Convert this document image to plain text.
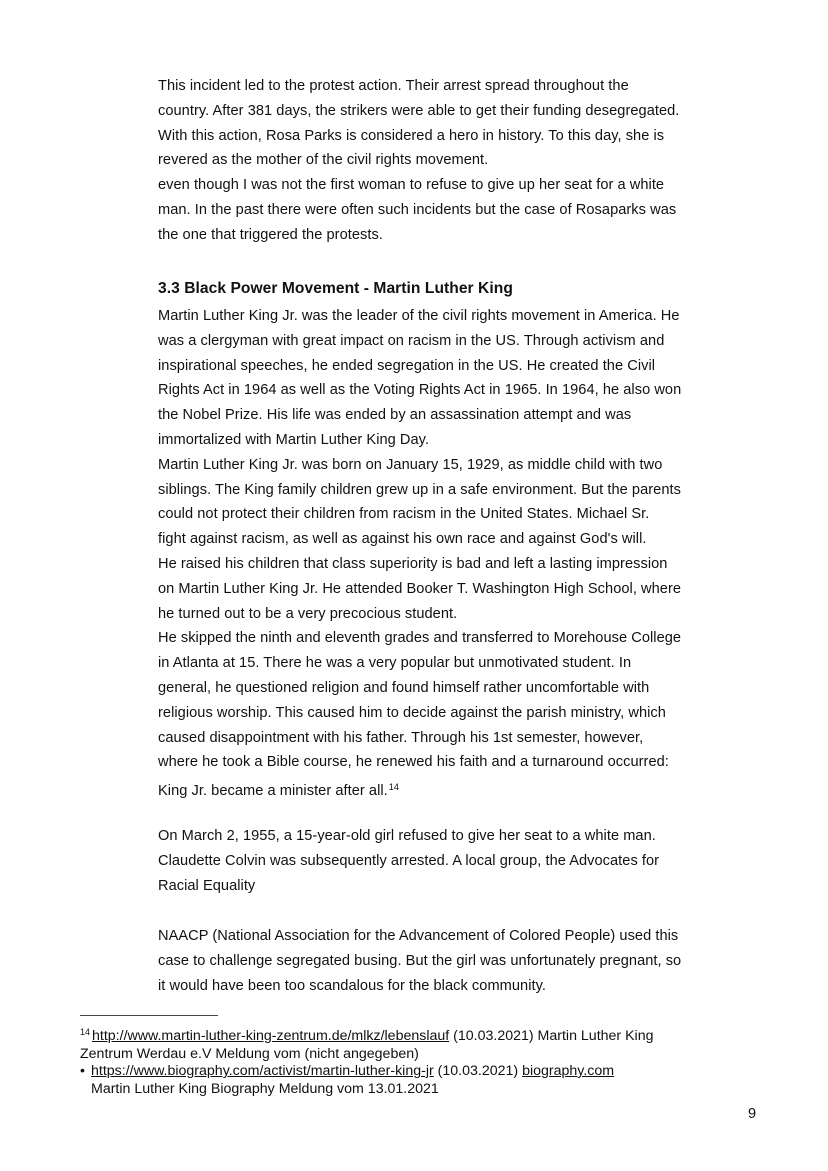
This incident led to the protest action. Their arrest spread throughout the
country. After 381 days, the strikers were able to get their funding desegregated.
With this action, Rosa Parks is considered a hero in history. To this day, she is
revered as the mother of the civil rights movement.
even though I was not the first woman to refuse to give up her seat for a white
man. In the past there were often such incidents but the case of Rosaparks was
the one that triggered the protests.
3.3 Black Power Movement - Martin Luther King
Martin Luther King Jr. was the leader of the civil rights movement in America. He
was a clergyman with great impact on racism in the US. Through activism and
inspirational speeches, he ended segregation in the US. He created the Civil
Rights Act in 1964 as well as the Voting Rights Act in 1965. In 1964, he also won
the Nobel Prize. His life was ended by an assassination attempt and was
immortalized with Martin Luther King Day.
Martin Luther King Jr. was born on January 15, 1929, as middle child with two
siblings. The King family children grew up in a safe environment. But the parents
could not protect their children from racism in the United States. Michael Sr.
fight against racism, as well as against his own race and against God's will.
He raised his children that class superiority is bad and left a lasting impression
on Martin Luther King Jr. He attended Booker T. Washington High School, where
he turned out to be a very precocious student.
He skipped the ninth and eleventh grades and transferred to Morehouse College
in Atlanta at 15. There he was a very popular but unmotivated student. In
general, he questioned religion and found himself rather uncomfortable with
religious worship. This caused him to decide against the parish ministry, which
caused disappointment with his father. Through his 1st semester, however,
where he took a Bible course, he renewed his faith and a turnaround occurred:
King Jr. became a minister after all.$^{14}$
On March 2, 1955, a 15-year-old girl refused to give her seat to a white man.
Claudette Colvin was subsequently arrested. A local group, the Advocates for
Racial Equality
NAACP (National Association for the Advancement of Colored People) used this
case to challenge segregated busing. But the girl was unfortunately pregnant, so
it would have been too scandalous for the black community.
$^{14}$ http://www.martin-luther-king-zentrum.de/mlkz/lebenslauf (10.03.2021) Martin Luther King
Zentrum Werdau e.V Meldung vom (nicht angegeben)
• https://www.biography.com/activist/martin-luther-king-jr (10.03.2021) biography.com
Martin Luther King Biography Meldung vom 13.01.2021
9
